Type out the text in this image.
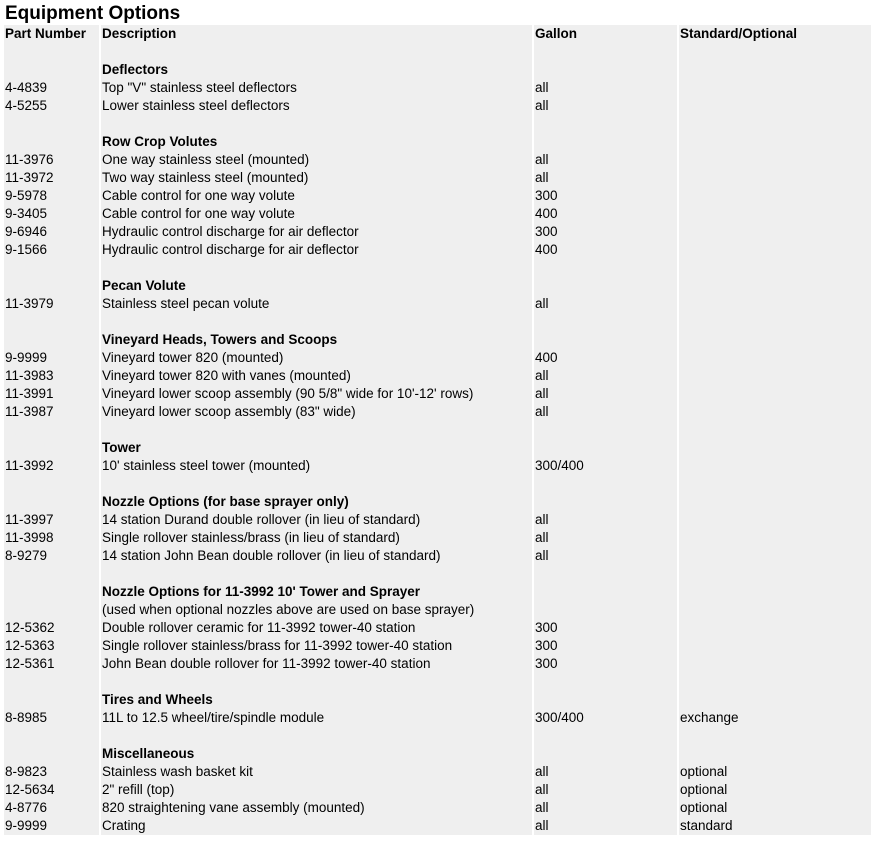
Equipment Options
Part Number	Description	Gallon	Standard/Optional

	Deflectors		
4-4839	Top "V" stainless steel deflectors	all	
4-5255	Lower stainless steel deflectors	all	

	Row Crop Volutes		
11-3976	One way stainless steel (mounted)	all	
11-3972	Two way stainless steel (mounted)	all	
9-5978	Cable control for one way volute	300	
9-3405	Cable control for one way volute	400	
9-6946	Hydraulic control discharge for air deflector	300	
9-1566	Hydraulic control discharge for air deflector	400	

	Pecan Volute		
11-3979	Stainless steel pecan volute	all	

	Vineyard Heads, Towers and Scoops		
9-9999	Vineyard tower 820 (mounted)	400	
11-3983	Vineyard tower 820 with vanes (mounted)	all	
11-3991	Vineyard lower scoop assembly (90 5/8" wide for 10'-12' rows)	all	
11-3987	Vineyard lower scoop assembly (83" wide)	all	

	Tower		
11-3992	10' stainless steel tower (mounted)	300/400	

	Nozzle Options (for base sprayer only)		
11-3997	14 station Durand double rollover (in lieu of standard)	all	
11-3998	Single rollover stainless/brass (in lieu of standard)	all	
8-9279	14 station John Bean double rollover (in lieu of standard)	all	

	Nozzle Options for 11-3992 10' Tower and Sprayer		
	(used when optional nozzles above are used on base sprayer)		
12-5362	Double rollover ceramic for 11-3992 tower-40 station	300	
12-5363	Single rollover stainless/brass for 11-3992 tower-40 station	300	
12-5361	John Bean double rollover for 11-3992 tower-40 station	300	

	Tires and Wheels		
8-8985	11L to 12.5 wheel/tire/spindle module	300/400	exchange

	Miscellaneous		
8-9823	Stainless wash basket kit	all	optional
12-5634	2" refill (top)	all	optional
4-8776	820 straightening vane assembly (mounted)	all	optional
9-9999	Crating	all	standard
